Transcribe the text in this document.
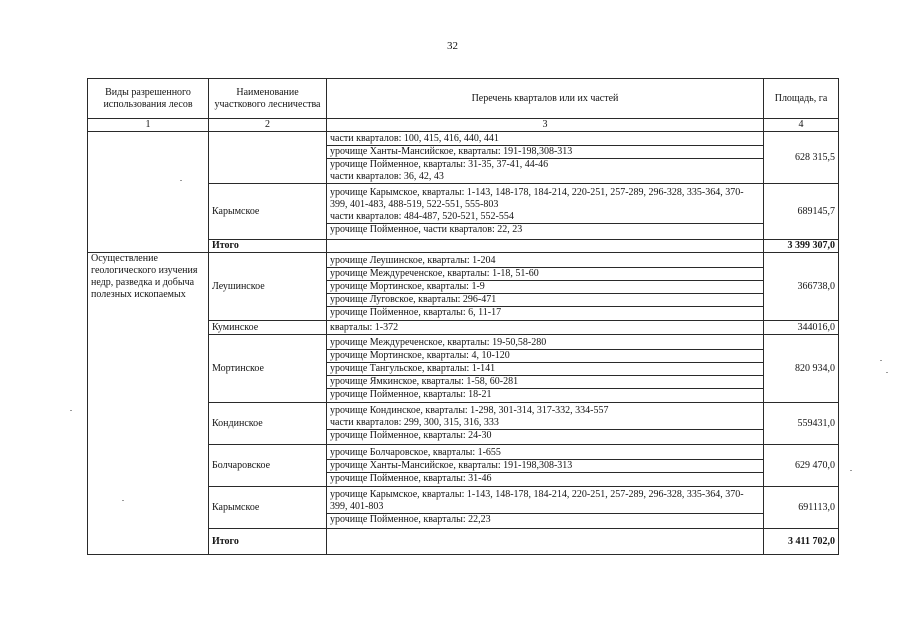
32
Виды разрешенного использования лесов	Наименование участкового лесничества	Перечень кварталов или их частей	Площадь, га
1	2	3	4

		части кварталов: 100, 415, 416, 440, 441
урочище Ханты-Мансийское, кварталы: 191-198,308-313
урочище Пойменное, кварталы: 31-35, 37-41, 44-46
части кварталов: 36, 42, 43	628 315,5
	Карымское	урочище Карымское, кварталы: 1-143, 148-178, 184-214, 220-251, 257-289, 296-328, 335-364, 370-399, 401-483, 488-519, 522-551, 555-803
части кварталов: 484-487, 520-521, 552-554
урочище Пойменное, части кварталов: 22, 23	689145,7
	Итого		3 399 307,0
Осуществление геологического изучения недр, разведка и добыча полезных ископаемых	Леушинское	урочище Леушинское, кварталы: 1-204
урочище Междуреченское, кварталы: 1-18, 51-60
урочище Мортинское, кварталы: 1-9
урочище Луговское, кварталы: 296-471
урочище Пойменное, кварталы: 6, 11-17	366738,0
	Куминское	кварталы: 1-372	344016,0
	Мортинское	урочище Междуреченское, кварталы: 19-50,58-280
урочище Мортинское, кварталы: 4, 10-120
урочище Тангульское, кварталы: 1-141
урочище Ямкинское, кварталы: 1-58, 60-281
урочище Пойменное, кварталы: 18-21	820 934,0
	Кондинское	урочище Кондинское, кварталы: 1-298, 301-314, 317-332, 334-557
части кварталов: 299, 300, 315, 316, 333
урочище Пойменное, кварталы: 24-30	559431,0
	Болчаровское	урочище Болчаровское, кварталы: 1-655
урочище Ханты-Мансийское, кварталы: 191-198,308-313
урочище Пойменное, кварталы: 31-46	629 470,0
	Карымское	урочище Карымское, кварталы: 1-143, 148-178, 184-214, 220-251, 257-289, 296-328, 335-364, 370-399, 401-803
урочище Пойменное, кварталы: 22,23	691113,0
	Итого		3 411 702,0
